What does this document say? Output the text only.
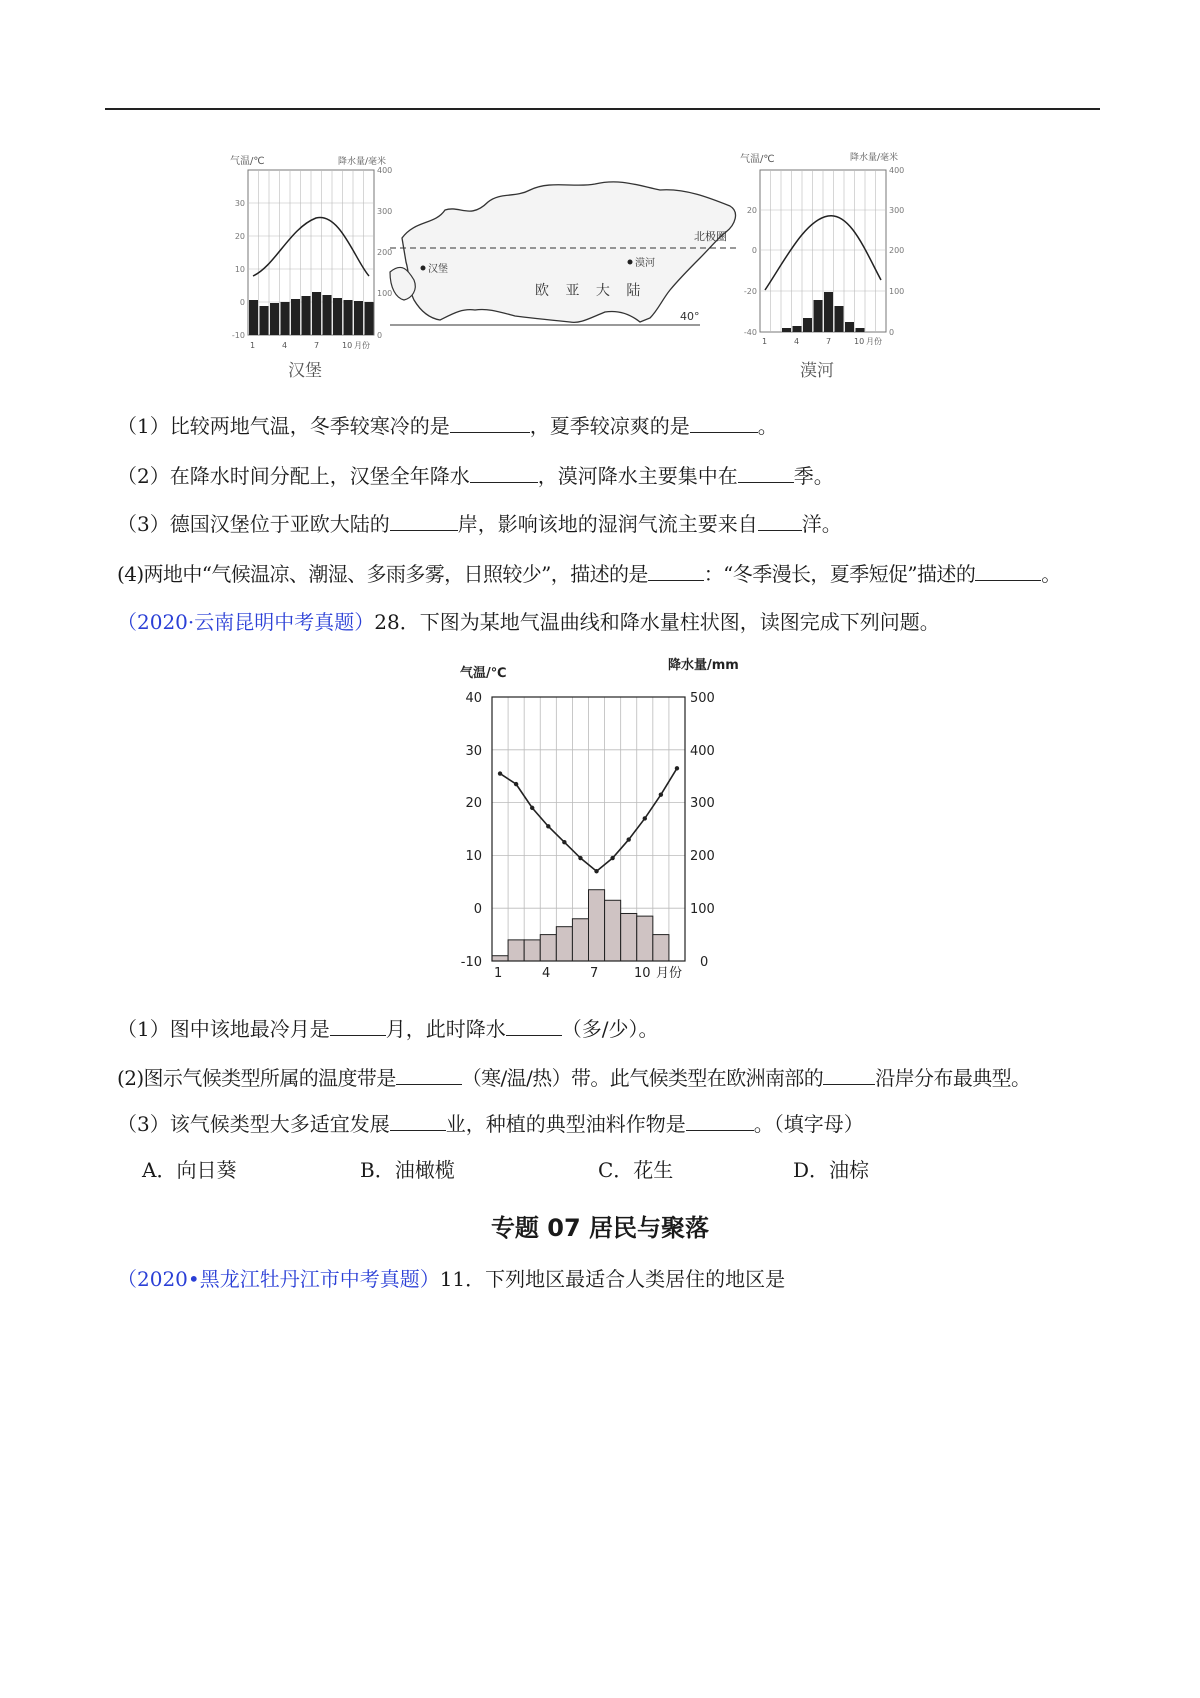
气温/℃	降水量/毫米
30
20
10
0
-10
400
300
200
100
0
1	4	7	10 月份
汉堡
北极圈
40°
欧 亚 大 陆
汉堡
漠河
气温/℃	降水量/毫米
20
0
-20
-40
400
300
200
100
0
1	4	7	10 月份
漠河
（1）比较两地气温，冬季较寒冷的是	，夏季较凉爽的是	。
（2）在降水时间分配上，汉堡全年降水	，漠河降水主要集中在	季。
（3）德国汉堡位于亚欧大陆的	岸，影响该地的湿润气流主要来自 洋。
(4)两地中“气候温凉、潮湿、多雨多雾，日照较少”，描述的是	：“冬季漫长，夏季短促”描述的	。
（2020·云南昆明中考真题）28．下图为某地气温曲线和降水量柱状图，读图完成下列问题。
气温/℃
降水量/mm
40
30
20
10
0
-10
500
400
300
200
100
0
1	4	7	10 月份
（1）图中该地最冷月是	月，此时降水	（多/少）。
(2)图示气候类型所属的温度带是	（寒/温/热）带。此气候类型在欧洲南部的	沿岸分布最典型。
（3）该气候类型大多适宜发展	业，种植的典型油料作物是	。（填字母）
A．向日葵	B．油橄榄	C．花生	D．油棕
专题 07 居民与聚落
（2020•黑龙江牡丹江市中考真题）11．下列地区最适合人类居住的地区是
